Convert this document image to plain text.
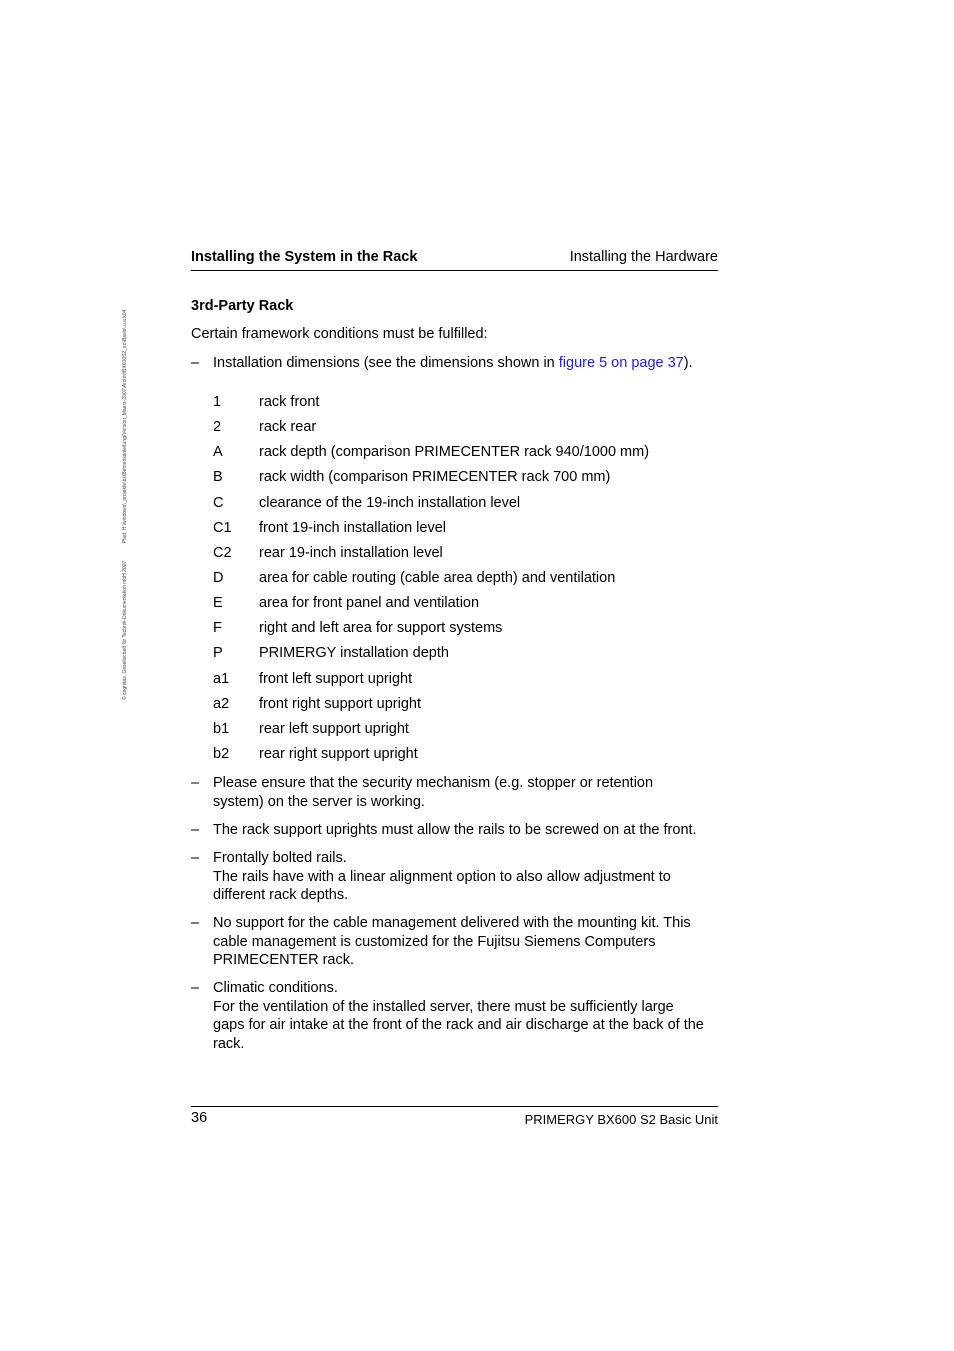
© cognitas. Gesellschaft für Technik-Dokumentation mbH 2007 Pfad: H:\windows\_projekte\bx\Betriebsanleitung\Version_Maerz-2007\Archiv\BX600S2_en\Basis\.u.a.k04
Installing the System in the Rack	Installing the Hardware
3rd-Party Rack
Certain framework conditions must be fulfilled:
– Installation dimensions (see the dimensions shown in figure 5 on page 37).
1	rack front
2	rack rear
A	rack depth (comparison PRIMECENTER rack 940/1000 mm)
B	rack width (comparison PRIMECENTER rack 700 mm)
C clearance of the 19-inch installation level
C1 front 19-inch installation level
C2 rear 19-inch installation level
D area for cable routing (cable area depth) and ventilation
E	area for front panel and ventilation
F	right and left area for support systems
P	PRIMERGY installation depth
a1 front left support upright
a2 front right support upright
b1 rear left support upright
b2 rear right support upright
– Please ensure that the security mechanism (e.g. stopper or retention
system) on the server is working.
– The rack support uprights must allow the rails to be screwed on at the front.
– Frontally bolted rails.
The rails have with a linear alignment option to also allow adjustment to
different rack depths.
– No support for the cable management delivered with the mounting kit. This
cable management is customized for the Fujitsu Siemens Computers
PRIMECENTER rack.
– Climatic conditions.
For the ventilation of the installed server, there must be sufficiently large
gaps for air intake at the front of the rack and air discharge at the back of the
rack.
36	PRIMERGY BX600 S2 Basic Unit
